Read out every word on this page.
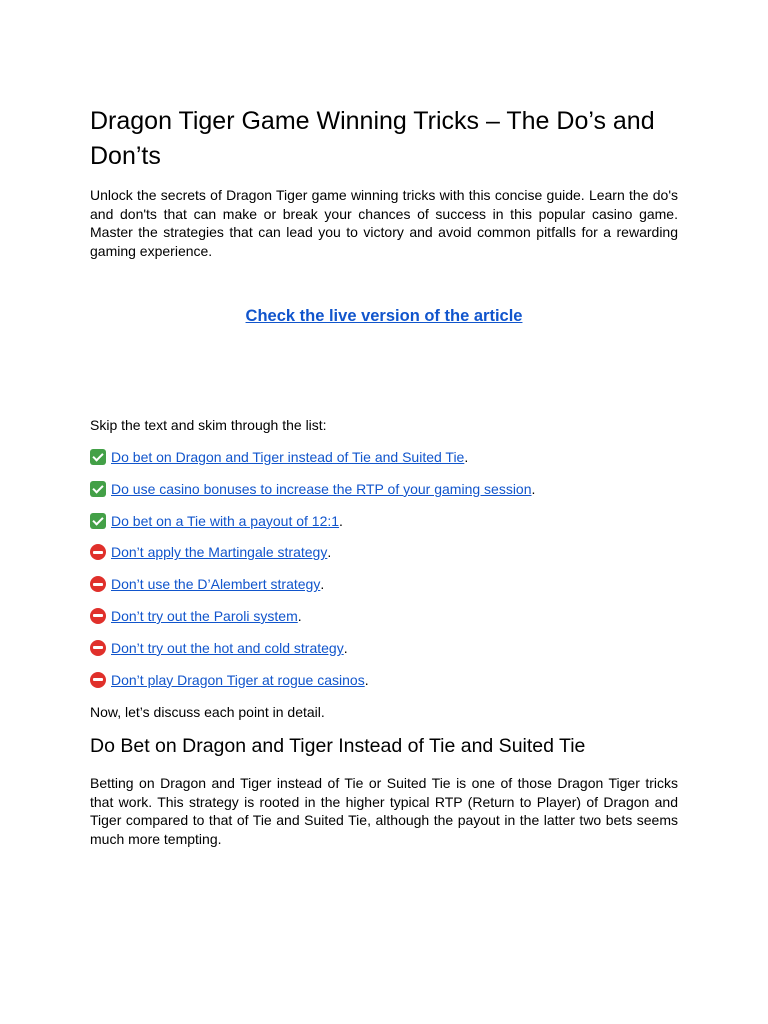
Dragon Tiger Game Winning Tricks – The Do’s and Don’ts

Unlock the secrets of Dragon Tiger game winning tricks with this concise guide. Learn the do's and don'ts that can make or break your chances of success in this popular casino game. Master the strategies that can lead you to victory and avoid common pitfalls for a rewarding gaming experience.

Check the live version of the article

Skip the text and skim through the list:

Do bet on Dragon and Tiger instead of Tie and Suited Tie .
Do use casino bonuses to increase the RTP of your gaming session .
Do bet on a Tie with a payout of 12:1 .
Don’t apply the Martingale strategy .
Don’t use the D’Alembert strategy .
Don’t try out the Paroli system .
Don’t try out the hot and cold strategy .
Don’t play Dragon Tiger at rogue casinos .

Now, let’s discuss each point in detail.

Do Bet on Dragon and Tiger Instead of Tie and Suited Tie

Betting on Dragon and Tiger instead of Tie or Suited Tie is one of those Dragon Tiger tricks that work. This strategy is rooted in the higher typical RTP (Return to Player) of Dragon and Tiger compared to that of Tie and Suited Tie, although the payout in the latter two bets seems much more tempting.
